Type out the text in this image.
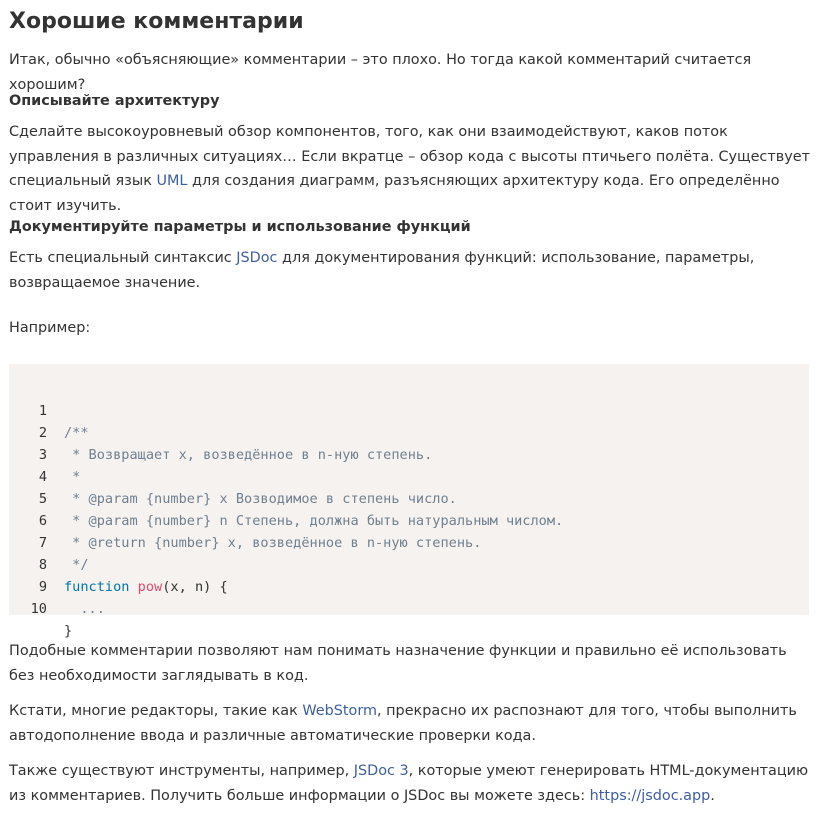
Хорошие комментарии

Итак, обычно «объясняющие» комментарии – это плохо. Но тогда какой комментарий считается хорошим?

Описывайте архитектуру

Сделайте высокоуровневый обзор компонентов, того, как они взаимодействуют, каков поток управления в различных ситуациях… Если вкратце – обзор кода с высоты птичьего полёта. Существует специальный язык UML для создания диаграмм, разъясняющих архитектуру кода. Его определённо стоит изучить.

Документируйте параметры и использование функций

Есть специальный синтаксис JSDoc для документирования функций: использование, параметры, возвращаемое значение.

Например:

1

/**

2

* Возвращает x, возведённое в n-ную степень.

3

*

4

* @param {number} x Возводимое в степень число.

5

* @param {number} n Степень, должна быть натуральным числом.

6

* @return {number} x, возведённое в n-ную степень.

7

*/

8

function pow(x, n) {

9

...

10

}

Подобные комментарии позволяют нам понимать назначение функции и правильно её использовать без необходимости заглядывать в код.

Кстати, многие редакторы, такие как WebStorm, прекрасно их распознают для того, чтобы выполнить автодополнение ввода и различные автоматические проверки кода.

Также существуют инструменты, например, JSDoc 3, которые умеют генерировать HTML-документацию из комментариев. Получить больше информации о JSDoc вы можете здесь: https://jsdoc.app.
